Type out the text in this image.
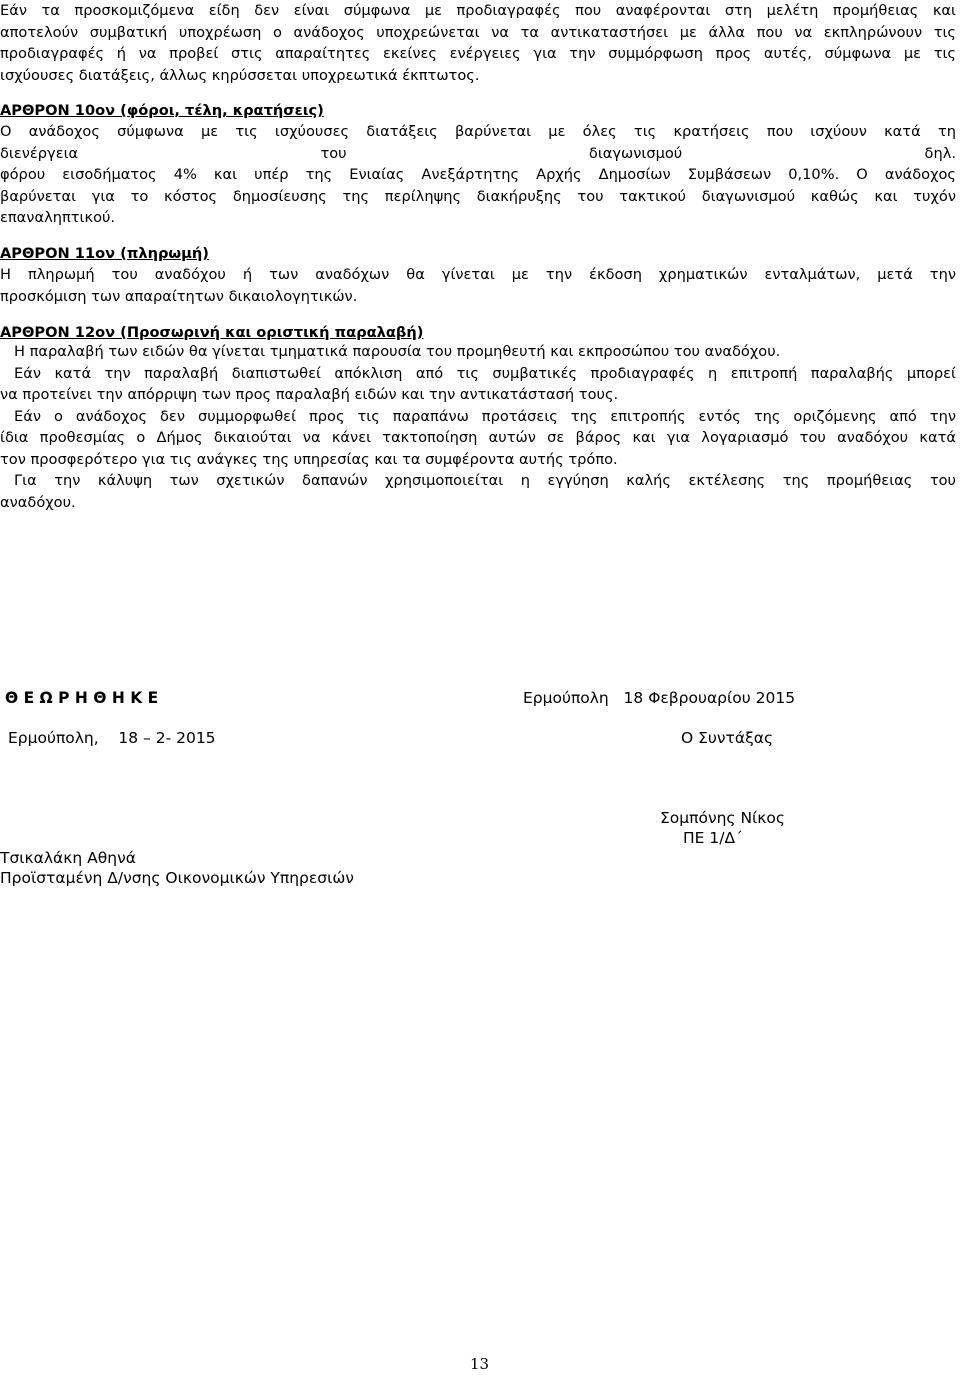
Εάν τα προσκομιζόμενα είδη δεν είναι σύμφωνα με προδιαγραφές που αναφέρονται στη μελέτη προμήθειας και
αποτελούν συμβατική υποχρέωση ο ανάδοχος υποχρεώνεται να τα αντικαταστήσει με άλλα που να εκπληρώνουν τις
προδιαγραφές ή να προβεί στις απαραίτητες εκείνες ενέργειες για την συμμόρφωση προς αυτές, σύμφωνα με τις
ισχύουσες διατάξεις, άλλως κηρύσσεται υποχρεωτικά έκπτωτος.
ΑΡΘΡΟΝ 10ον (φόροι, τέλη, κρατήσεις)
Ο ανάδοχος σύμφωνα με τις ισχύουσες διατάξεις βαρύνεται με όλες τις κρατήσεις που ισχύουν κατά τη
διενέργεια του διαγωνισμού δηλ.
φόρου εισοδήματος 4% και υπέρ της Ενιαίας Ανεξάρτητης Αρχής Δημοσίων Συμβάσεων 0,10%. Ο ανάδοχος
βαρύνεται για το κόστος δημοσίευσης της περίληψης διακήρυξης του τακτικού διαγωνισμού καθώς και τυχόν
επαναληπτικού.
ΑΡΘΡΟΝ 11ον (πληρωμή)
Η πληρωμή του αναδόχου ή των αναδόχων θα γίνεται με την έκδοση χρηματικών ενταλμάτων, μετά την
προσκόμιση των απαραίτητων δικαιολογητικών.
ΑΡΘΡΟΝ 12ον (Προσωρινή και οριστική παραλαβή)
Η παραλαβή των ειδών θα γίνεται τμηματικά παρουσία του προμηθευτή και εκπροσώπου του αναδόχου.
Εάν κατά την παραλαβή διαπιστωθεί απόκλιση από τις συμβατικές προδιαγραφές η επιτροπή παραλαβής μπορεί
να προτείνει την απόρριψη των προς παραλαβή ειδών και την αντικατάστασή τους.
Εάν ο ανάδοχος δεν συμμορφωθεί προς τις παραπάνω προτάσεις της επιτροπής εντός της οριζόμενης από την
ίδια προθεσμίας ο Δήμος δικαιούται να κάνει τακτοποίηση αυτών σε βάρος και για λογαριασμό του αναδόχου κατά
τον προσφερότερο για τις ανάγκες της υπηρεσίας και τα συμφέροντα αυτής τρόπο.
Για την κάλυψη των σχετικών δαπανών χρησιμοποιείται η εγγύηση καλής εκτέλεσης της προμήθειας του
αναδόχου.
Θ Ε Ω Ρ Η Θ Η Κ Ε	Ερμούπολη   18 Φεβρουαρίου 2015
Ερμούπολη,    18 – 2- 2015	Ο Συντάξας
Σομπόνης Νίκος
ΠΕ 1/Δ΄
Τσικαλάκη Αθηνά
Προϊσταμένη Δ/νσης Οικονομικών Υπηρεσιών
13
